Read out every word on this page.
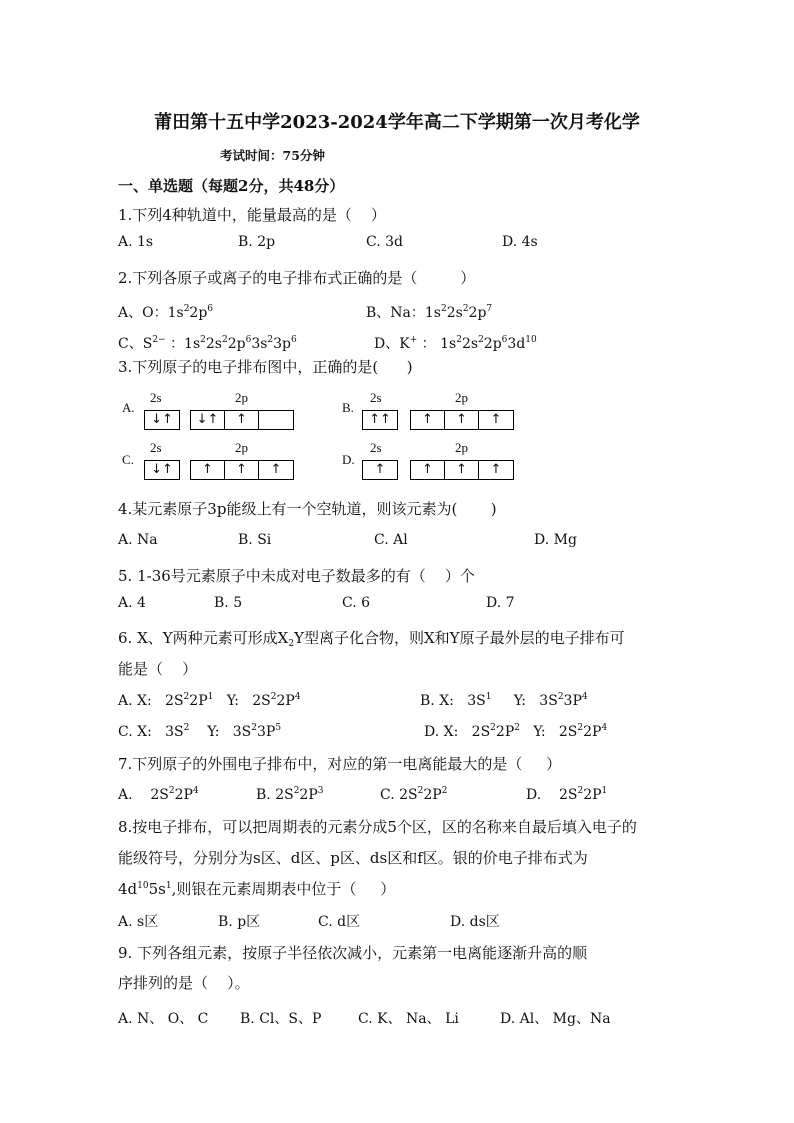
莆田第十五中学2023-2024学年高二下学期第一次月考化学
考试时间：75分钟
一、单选题（每题2分，共48分）
1.下列4种轨道中，能量最高的是（    ）
A. 1s	B. 2p	C. 3d	D. 4s
2.下列各原子或离子的电子排布式正确的是（         ）
A、O：$1s^22p^6$	B、Na：$1s^22s^22p^7$
C、$S^{2-}$ ：$1s^22s^22p^63s^23p^6$	D、K+ ： $1s^22s^22p^63d^{10}$
3.下列原子的电子排布图中，正确的是(      )
A.
2s	2p
↓↑	↓↑	↑
B.
2s	2p
↑↑	↑	↑	↑
C.
2s	2p
↓↑	↑	↑	↑
D.
2s	2p
↑	↑	↑	↑
4.某元素原子3p能级上有一个空轨道，则该元素为(       )
A. Na	B. Si	C. Al	D. Mg
5. 1-36号元素原子中未成对电子数最多的有（    ）个
A. 4	B. 5	C. 6	D. 7
6. X、Y两种元素可形成$X_2Y$型离子化合物，则X和Y原子最外层的电子排布可
能是（    ）
A. X:   $2S^22P^1$   Y:   $2S^22P^4$	B. X:   $3S^1$     Y:   $3S^23P^4$
C. X:   $3S^2$    Y:   $3S^23P^5$	D. X:   $2S^22P^2$   Y:   $2S^22P^4$
7.下列原子的外围电子排布中，对应的第一电离能最大的是（     ）
A.    $2S^22P^4$	B. $2S^22P^3$	C. $2S^22P^2$	D.    $2S^22P^1$
8.按电子排布，可以把周期表的元素分成5个区，区的名称来自最后填入电子的
能级符号，分别分为s区、d区、p区、ds区和f区。银的价电子排布式为
$4d^{10}5s^1$,则银在元素周期表中位于（     ）
A. s区	B. p区	C. d区	D. ds区
9. 下列各组元素，按原子半径依次减小，元素第一电离能逐渐升高的顺
序排列的是（    ）。
A. N、 O、 C B. Cl、S、P	C. K、 Na、 Li	D. Al、 Mg、Na
